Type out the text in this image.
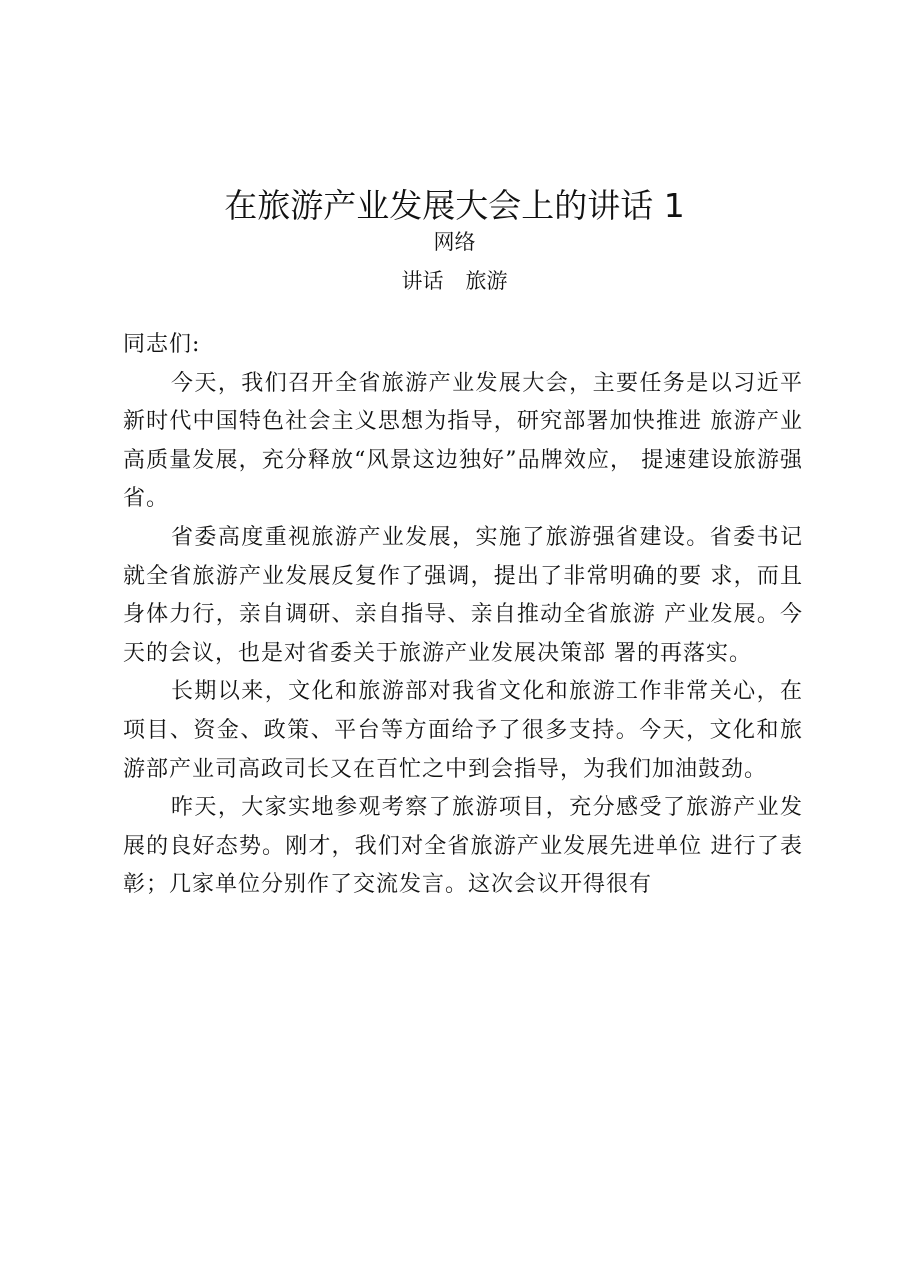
在旅游产业发展大会上的讲话 1
网络
讲话 旅游

同志们:

今天，我们召开全省旅游产业发展大会，主要任务是以习近平新时代中国特色社会主义思想为指导，研究部署加快推进 旅游产业高质量发展，充分释放“风景这边独好”品牌效应， 提速建设旅游强省。

省委高度重视旅游产业发展，实施了旅游强省建设。省委书记就全省旅游产业发展反复作了强调，提出了非常明确的要 求，而且身体力行，亲自调研、亲自指导、亲自推动全省旅游 产业发展。今天的会议，也是对省委关于旅游产业发展决策部 署的再落实。

长期以来，文化和旅游部对我省文化和旅游工作非常关心，在项目、资金、政策、平台等方面给予了很多支持。今天，文化和旅游部产业司高政司长又在百忙之中到会指导，为我们加油鼓劲。

昨天，大家实地参观考察了旅游项目，充分感受了旅游产业发展的良好态势。刚才，我们对全省旅游产业发展先进单位 进行了表彰；几家单位分别作了交流发言。这次会议开得很有
